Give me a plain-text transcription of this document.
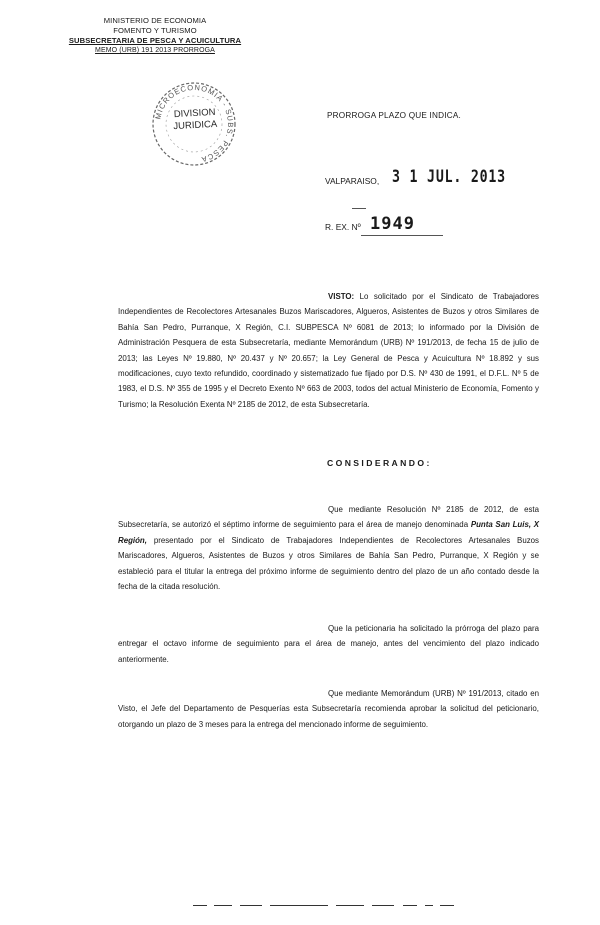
MINISTERIO DE ECONOMIA
FOMENTO Y TURISMO
SUBSECRETARIA DE PESCA Y ACUICULTURA
MEMO (URB) 191 2013 PRORROGA
MICROECONOMIA - SUBS. PESCA
DIVISION
JURIDICA
PRORROGA PLAZO QUE INDICA.
VALPARAISO, 3 1 JUL. 2013
R. EX. Nº 1949
VISTO: Lo solicitado por el Sindicato de Trabajadores Independientes de Recolectores Artesanales Buzos Mariscadores, Algueros, Asistentes de Buzos y otros Similares de Bahía San Pedro, Purranque, X Región, C.I. SUBPESCA Nº 6081 de 2013; lo informado por la División de Administración Pesquera de esta Subsecretaría, mediante Memorándum (URB) Nº 191/2013, de fecha 15 de julio de 2013; las Leyes Nº 19.880, Nº 20.437 y Nº 20.657; la Ley General de Pesca y Acuicultura Nº 18.892 y sus modificaciones, cuyo texto refundido, coordinado y sistematizado fue fijado por D.S. Nº 430 de 1991, el D.F.L. Nº 5 de 1983, el D.S. Nº 355 de 1995 y el Decreto Exento Nº 663 de 2003, todos del actual Ministerio de Economía, Fomento y Turismo; la Resolución Exenta Nº 2185 de 2012, de esta Subsecretaría.
CONSIDERANDO:
Que mediante Resolución Nº 2185 de 2012, de esta Subsecretaría, se autorizó el séptimo informe de seguimiento para el área de manejo denominada Punta San Luis, X Región, presentado por el Sindicato de Trabajadores Independientes de Recolectores Artesanales Buzos Mariscadores, Algueros, Asistentes de Buzos y otros Similares de Bahía San Pedro, Purranque, X Región y se estableció para el titular la entrega del próximo informe de seguimiento dentro del plazo de un año contado desde la fecha de la citada resolución.
Que la peticionaria ha solicitado la prórroga del plazo para entregar el octavo informe de seguimiento para el área de manejo, antes del vencimiento del plazo indicado anteriormente.
Que mediante Memorándum (URB) Nº 191/2013, citado en Visto, el Jefe del Departamento de Pesquerías esta Subsecretaría recomienda aprobar la solicitud del peticionario, otorgando un plazo de 3 meses para la entrega del mencionado informe de seguimiento.
